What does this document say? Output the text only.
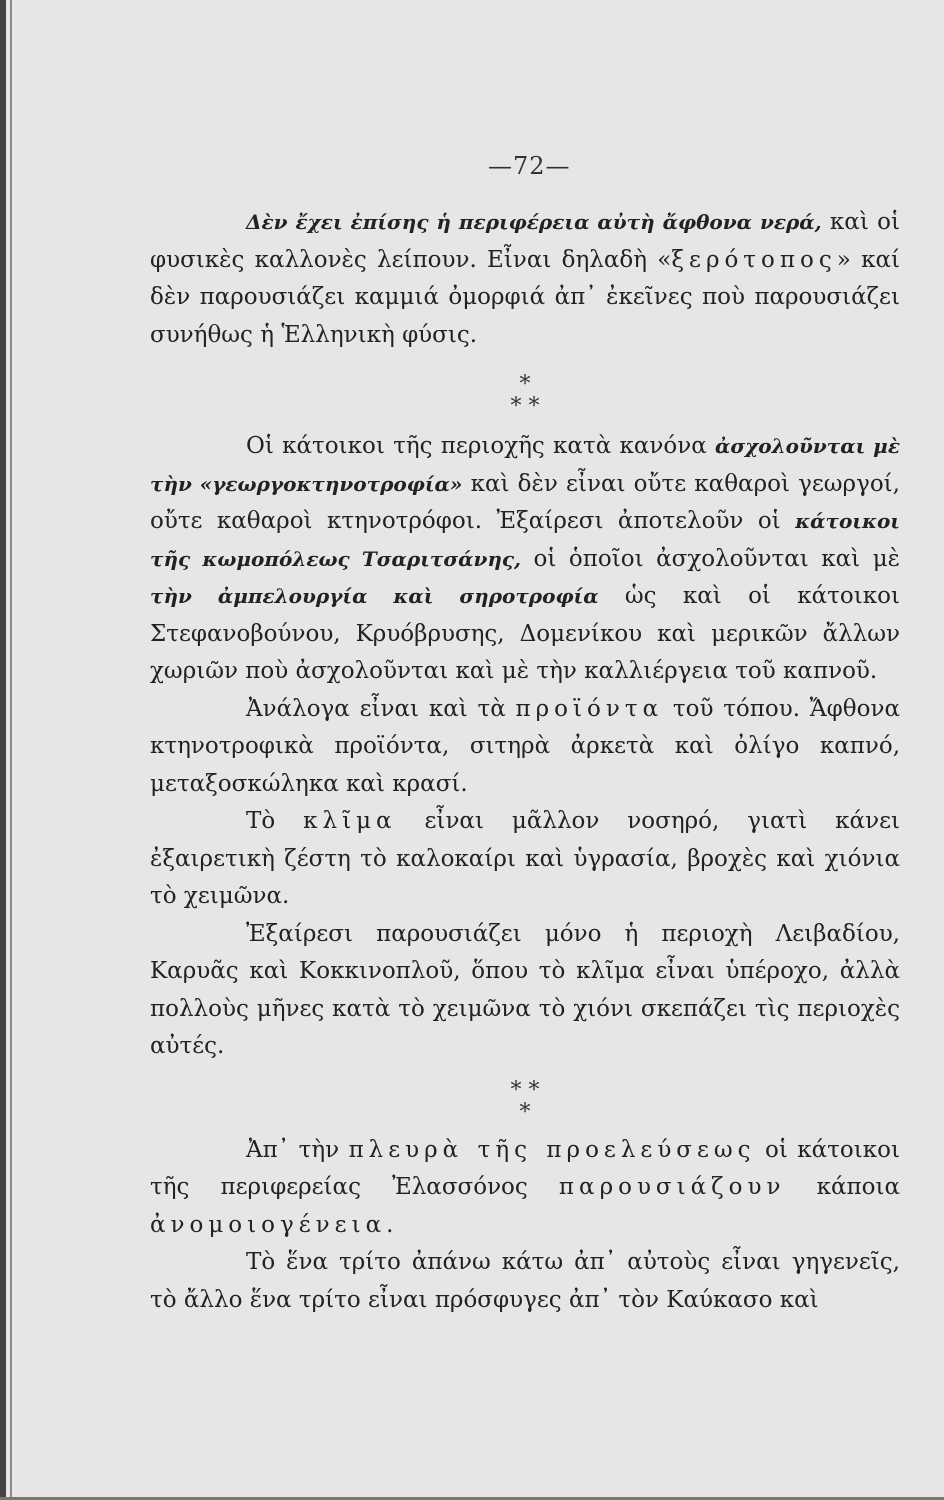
—72—

Δὲν ἔχει ἐπίσης ἡ περιφέρεια αὐτὴ ἄφθονα νερά, καὶ οἱ φυσικὲς καλλονὲς λείπουν. Εἶναι δηλαδὴ «ξερότοπος» καί δὲν παρουσιάζει καμμιά ὀμορφιά ἀπ᾽ ἐκεῖνες ποὺ παρουσιάζει συνήθως ἡ Ἑλληνικὴ φύσις.

*
* *

Οἱ κάτοικοι τῆς περιοχῆς κατὰ κανόνα ἀσχολοῦνται μὲ τὴν «γεωργοκτηνοτροφία» καὶ δὲν εἶναι οὔτε καθαροὶ γεωργοί, οὔτε καθαροὶ κτηνοτρόφοι. Ἐξαίρεσι ἀποτελοῦν οἱ κάτοικοι τῆς κωμοπόλεως Τσαριτσάνης, οἱ ὁποῖοι ἀσχολοῦνται καὶ μὲ τὴν ἀμπελουργία καὶ σηροτροφία ὡς καὶ οἱ κάτοικοι Στεφανοβούνου, Κρυόβρυσης, Δομενίκου καὶ μερικῶν ἄλλων χωριῶν ποὺ ἀσχολοῦνται καὶ μὲ τὴν καλλιέργεια τοῦ καπνοῦ.

Ἀνάλογα εἶναι καὶ τὰ προϊόντα τοῦ τόπου. Ἄφθονα κτηνοτροφικὰ προϊόντα, σιτηρὰ ἀρκετὰ καὶ ὀλίγο καπνό, μεταξοσκώληκα καὶ κρασί.

Τὸ κλῖμα εἶναι μᾶλλον νοσηρό, γιατὶ κάνει ἐξαιρετικὴ ζέστη τὸ καλοκαίρι καὶ ὑγρασία, βροχὲς καὶ χιόνια τὸ χειμῶνα.

Ἐξαίρεσι παρουσιάζει μόνο ἡ περιοχὴ Λειβαδίου, Καρυᾶς καὶ Κοκκινοπλοῦ, ὅπου τὸ κλῖμα εἶναι ὑπέροχο, ἀλλὰ πολλοὺς μῆνες κατὰ τὸ χειμῶνα τὸ χιόνι σκεπάζει τὶς περιοχὲς αὐτές.

* *
*

Ἀπ᾽ τὴν πλευρὰ τῆς προελεύσεως οἱ κάτοικοι τῆς περιφερείας Ἐλασσόνος παρουσιάζουν κάποια ἀνομοιογένεια.

Τὸ ἕνα τρίτο ἀπάνω κάτω ἀπ᾽ αὐτοὺς εἶναι γηγενεῖς, τὸ ἄλλο ἕνα τρίτο εἶναι πρόσφυγες ἀπ᾽ τὸν Καύκασο καὶ
